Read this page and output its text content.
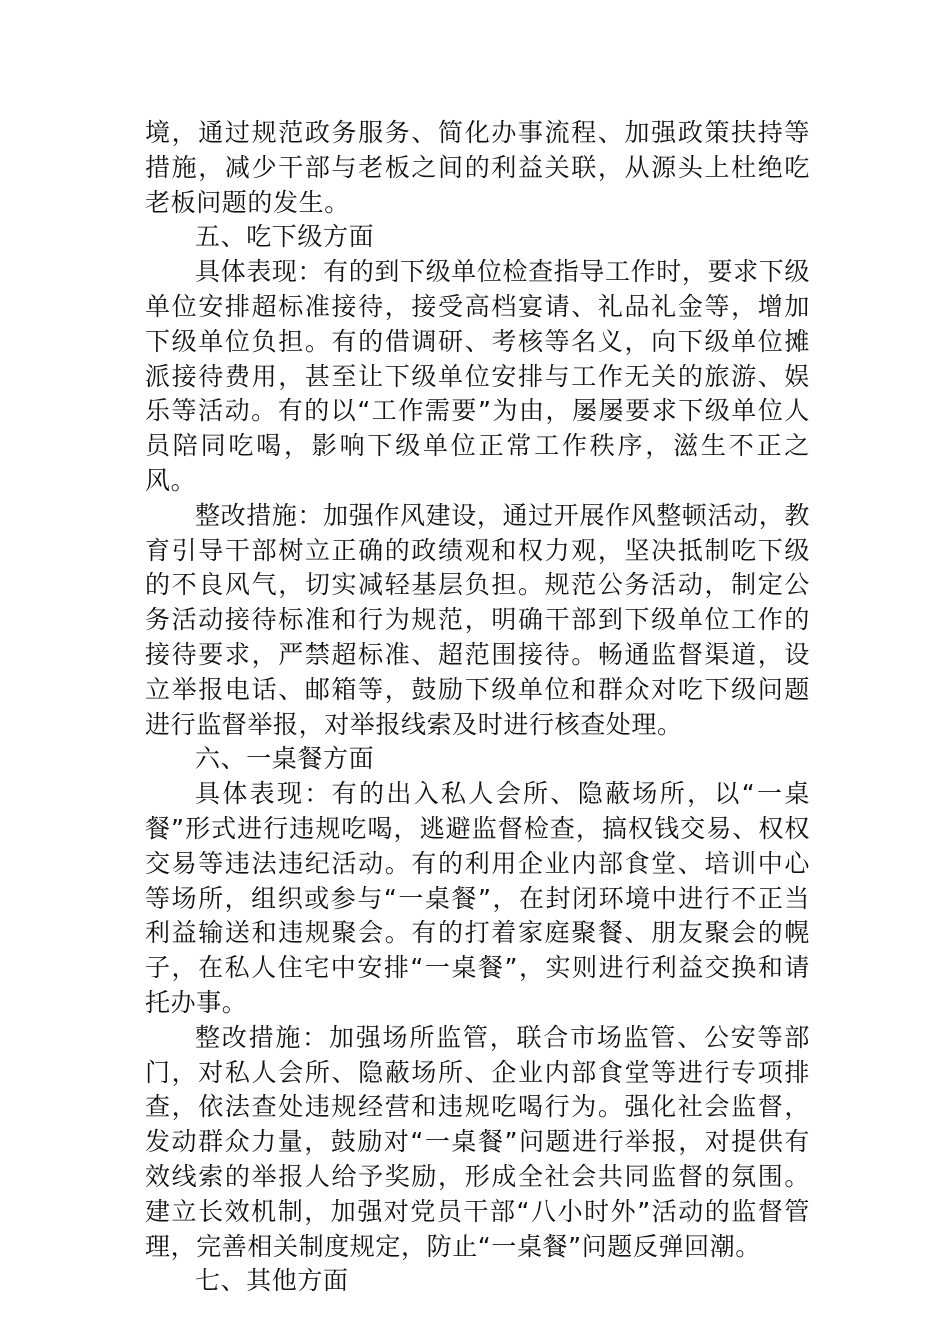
境，通过规范政务服务、简化办事流程、加强政策扶持等措施，减少干部与老板之间的利益关联，从源头上杜绝吃老板问题的发生。

五、吃下级方面

具体表现：有的到下级单位检查指导工作时，要求下级单位安排超标准接待，接受高档宴请、礼品礼金等，增加下级单位负担。有的借调研、考核等名义，向下级单位摊派接待费用，甚至让下级单位安排与工作无关的旅游、娱乐等活动。有的以“工作需要”为由，屡屡要求下级单位人员陪同吃喝，影响下级单位正常工作秩序，滋生不正之风。

整改措施：加强作风建设，通过开展作风整顿活动，教育引导干部树立正确的政绩观和权力观，坚决抵制吃下级的不良风气，切实减轻基层负担。规范公务活动，制定公务活动接待标准和行为规范，明确干部到下级单位工作的接待要求，严禁超标准、超范围接待。畅通监督渠道，设立举报电话、邮箱等，鼓励下级单位和群众对吃下级问题进行监督举报，对举报线索及时进行核查处理。

六、一桌餐方面

具体表现：有的出入私人会所、隐蔽场所，以“一桌餐”形式进行违规吃喝，逃避监督检查，搞权钱交易、权权交易等违法违纪活动。有的利用企业内部食堂、培训中心等场所，组织或参与“一桌餐”，在封闭环境中进行不正当利益输送和违规聚会。有的打着家庭聚餐、朋友聚会的幌子，在私人住宅中安排“一桌餐”，实则进行利益交换和请托办事。

整改措施：加强场所监管，联合市场监管、公安等部门，对私人会所、隐蔽场所、企业内部食堂等进行专项排查，依法查处违规经营和违规吃喝行为。强化社会监督，发动群众力量，鼓励对“一桌餐”问题进行举报，对提供有效线索的举报人给予奖励，形成全社会共同监督的氛围。建立长效机制，加强对党员干部“八小时外”活动的监督管理，完善相关制度规定，防止“一桌餐”问题反弹回潮。

七、其他方面
